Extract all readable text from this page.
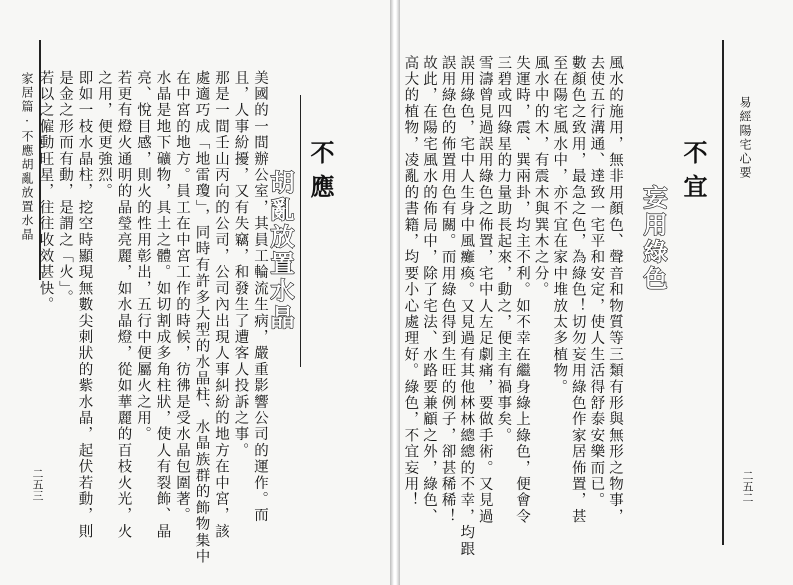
家居篇·不應胡亂放置水晶
二五三	美國的一間辦公室，其員工輪流生病，嚴重影響公司的運作。而
且，人事紛擾，又有失竊，和發生了遭客人投訴之事。
那是一間壬山丙向的公司，公司內出現人事糾紛的地方在中宮，該
處適巧成「地雷瓊」，同時有許多大型的水晶柱、水晶族群的飾物集中
在中宮的地方。員工在中宮工作的時候，彷彿是受水晶包圍著。
水晶是地下礦物，具土之體。如切割成多角柱狀，使人有裂飾、晶
亮、悅目感，則火的性用彰出，五行中便屬火之用。
若更有燈火通明的晶瑩亮麗，如水晶燈，從如華麗的百枝火光，火
之用，便更強烈。
即如一枝水晶柱，挖空時顯現無數尖刺狀的紫水晶，起伏若動，則
是金之形而有動，是謂之「火」。
若以之僱動旺星，往往收效甚快。	不應
胡亂放置水晶
易經陽宅心要
二五二
不宜
妄用綠色
風水的施用，無非用顏色、聲音和物質等三類有形與無形之物事，
去使五行溝通、達致一宅平和安定，使人生活得舒泰安樂而已。
數顏色之致用，最急之色，為綠色！切勿妄用綠色作家居佈置，甚
至在陽宅風水中，亦不宜在家中堆放太多植物。
風水中的木，有震木與巽木之分。
失運時，震、巽兩卦，均主不利。如不幸在繼身綠上綠色，便會令
三碧或四綠星的力量助長起來，動之，便主有禍事矣。
雪濤曾見過誤用綠色之佈置，宅中人左足劇痛，要做手術。又見過
誤用綠色，宅中人生身中風癱瘓。又見過有其他林林總總的不幸，均跟
誤用綠色的佈置用色有關。而用綠色得到生旺的例子，卻甚稀稀！
故此，在陽宅風水的佈局中，除了宅法、水路要兼顧之外，綠色、
高大的植物，凌亂的書籍，均要小心處理好。綠色，不宜妄用！
